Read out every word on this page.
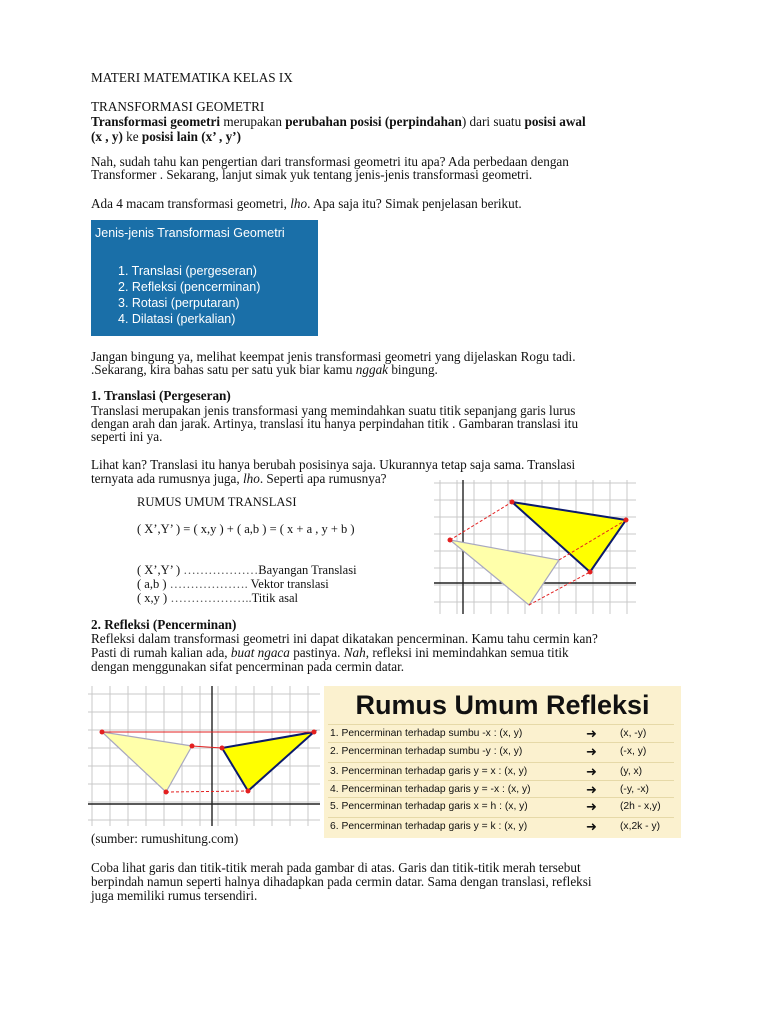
MATERI MATEMATIKA KELAS IX
TRANSFORMASI GEOMETRI
Transformasi geometri merupakan perubahan posisi (perpindahan) dari suatu posisi awal
(x , y) ke posisi lain (x’ , y’)
Nah, sudah tahu kan pengertian dari transformasi geometri itu apa? Ada perbedaan dengan
Transformer . Sekarang, lanjut simak yuk tentang jenis-jenis transformasi geometri.
Ada 4 macam transformasi geometri, lho. Apa saja itu? Simak penjelasan berikut.
Jenis-jenis Transformasi Geometri
1. Translasi (pergeseran)
2. Refleksi (pencerminan)
3. Rotasi (perputaran)
4. Dilatasi (perkalian)
Jangan bingung ya, melihat keempat jenis transformasi geometri yang dijelaskan Rogu tadi.
.Sekarang, kira bahas satu per satu yuk biar kamu nggak bingung.
1. Translasi (Pergeseran)
Translasi merupakan jenis transformasi yang memindahkan suatu titik sepanjang garis lurus
dengan arah dan jarak. Artinya, translasi itu hanya perpindahan titik . Gambaran translasi itu
seperti ini ya.
Lihat kan? Translasi itu hanya berubah posisinya saja. Ukurannya tetap saja sama. Translasi
ternyata ada rumusnya juga, lho. Seperti apa rumusnya?
RUMUS UMUM TRANSLASI
( X’,Y’ ) = ( x,y ) + ( a,b ) = ( x + a , y + b )
( X’,Y’ ) ………………Bayangan Translasi
( a,b ) ………………. Vektor translasi
( x,y ) ………………..Titik asal
2. Refleksi (Pencerminan)
Refleksi dalam transformasi geometri ini dapat dikatakan pencerminan. Kamu tahu cermin kan?
Pasti di rumah kalian ada, buat ngaca pastinya. Nah, refleksi ini memindahkan semua titik
dengan menggunakan sifat pencerminan pada cermin datar.
Rumus Umum Refleksi
1. Pencerminan terhadap sumbu -x : (x, y)	➜ (x, -y)
2. Pencerminan terhadap sumbu -y : (x, y)	➜ (-x, y)
3. Pencerminan terhadap garis y = x : (x, y)	➜ (y, x)
4. Pencerminan terhadap garis y = -x : (x, y)	➜ (-y, -x)
5. Pencerminan terhadap garis x = h : (x, y)	➜ (2h - x,y)
6. Pencerminan terhadap garis y = k : (x, y)	➜ (x,2k - y)
(sumber: rumushitung.com)
Coba lihat garis dan titik-titik merah pada gambar di atas. Garis dan titik-titik merah tersebut
berpindah namun seperti halnya dihadapkan pada cermin datar. Sama dengan translasi, refleksi
juga memiliki rumus tersendiri.
